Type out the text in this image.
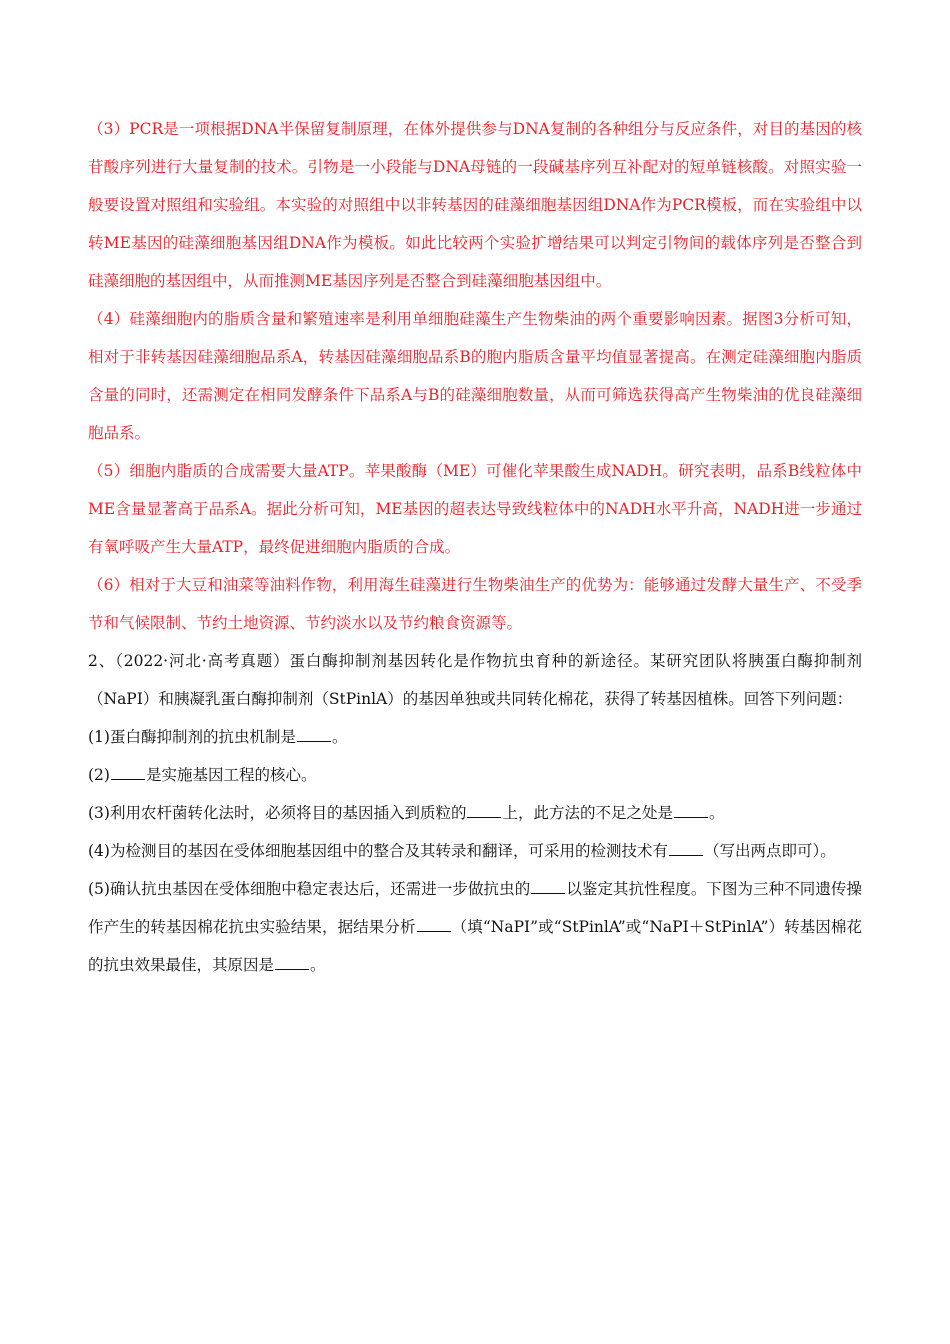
（3）PCR是一项根据DNA半保留复制原理，在体外提供参与DNA复制的各种组分与反应条件，对目的基因的核苷酸序列进行大量复制的技术。引物是一小段能与DNA母链的一段碱基序列互补配对的短单链核酸。对照实验一般要设置对照组和实验组。本实验的对照组中以非转基因的硅藻细胞基因组DNA作为PCR模板，而在实验组中以转ME基因的硅藻细胞基因组DNA作为模板。如此比较两个实验扩增结果可以判定引物间的载体序列是否整合到硅藻细胞的基因组中，从而推测ME基因序列是否整合到硅藻细胞基因组中。

（4）硅藻细胞内的脂质含量和繁殖速率是利用单细胞硅藻生产生物柴油的两个重要影响因素。据图3分析可知，相对于非转基因硅藻细胞品系A，转基因硅藻细胞品系B的胞内脂质含量平均值显著提高。在测定硅藻细胞内脂质含量的同时，还需测定在相同发酵条件下品系A与B的硅藻细胞数量，从而可筛选获得高产生物柴油的优良硅藻细胞品系。

（5）细胞内脂质的合成需要大量ATP。苹果酸酶（ME）可催化苹果酸生成NADH。研究表明，品系B线粒体中ME含量显著高于品系A。据此分析可知，ME基因的超表达导致线粒体中的NADH水平升高，NADH进一步通过有氧呼吸产生大量ATP，最终促进细胞内脂质的合成。

（6）相对于大豆和油菜等油料作物，利用海生硅藻进行生物柴油生产的优势为：能够通过发酵大量生产、不受季节和气候限制、节约土地资源、节约淡水以及节约粮食资源等。

2、（2022·河北·高考真题）蛋白酶抑制剂基因转化是作物抗虫育种的新途径。某研究团队将胰蛋白酶抑制剂（NaPI）和胰凝乳蛋白酶抑制剂（StPinlA）的基因单独或共同转化棉花，获得了转基因植株。回答下列问题：

(1)蛋白酶抑制剂的抗虫机制是 。

(2) 是实施基因工程的核心。

(3)利用农杆菌转化法时，必须将目的基因插入到质粒的 上，此方法的不足之处是 。

(4)为检测目的基因在受体细胞基因组中的整合及其转录和翻译，可采用的检测技术有 （写出两点即可）。

(5)确认抗虫基因在受体细胞中稳定表达后，还需进一步做抗虫的 以鉴定其抗性程度。下图为三种不同遗传操作产生的转基因棉花抗虫实验结果，据结果分析 （填“NaPI”或“StPinlA”或“NaPI＋StPinlA”）转基因棉花的抗虫效果最佳，其原因是 。
